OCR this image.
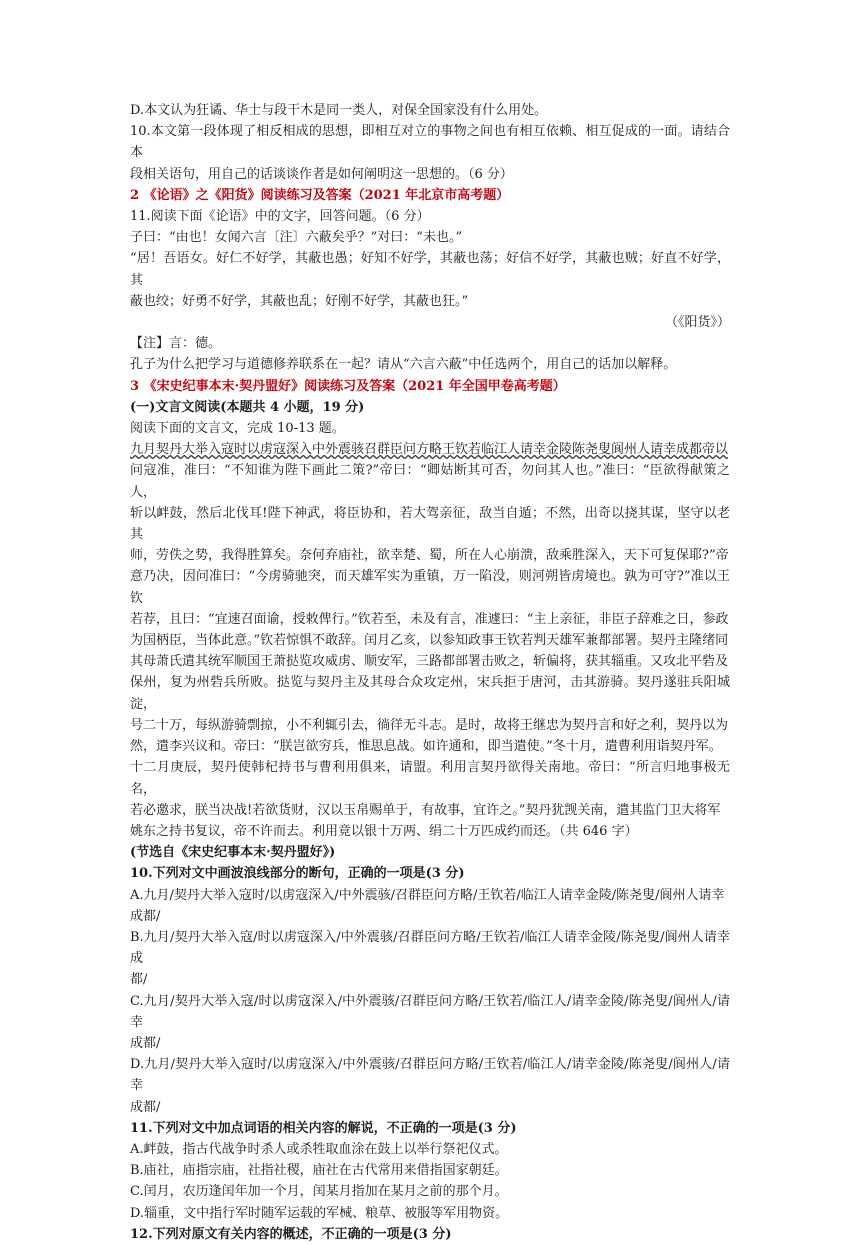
D.本文认为狂谲、华士与段干木是同一类人，对保全国家没有什么用处。
10.本文第一段体现了相反相成的思想，即相互对立的事物之间也有相互依赖、相互促成的一面。请结合本
段相关语句，用自己的话谈谈作者是如何阐明这一思想的。（6 分）
2 《论语》之《阳货》阅读练习及答案（2021 年北京市高考题）
11.阅读下面《论语》中的文字，回答问题。（6 分）
子曰：“由也！女闻六言〔注〕六蔽矣乎？”对曰：“未也。”
“居！吾语女。好仁不好学，其蔽也愚；好知不好学，其蔽也荡；好信不好学，其蔽也贼；好直不好学，其
蔽也绞；好勇不好学，其蔽也乱；好刚不好学，其蔽也狂。”
（《阳货》）
【注】言：德。
孔子为什么把学习与道德修养联系在一起？请从“六言六蔽”中任选两个，用自己的话加以解释。
3 《宋史纪事本末·契丹盟好》阅读练习及答案（2021 年全国甲卷高考题）
(一)文言文阅读(本题共 4 小题，19 分)
阅读下面的文言文，完成 10-13 题。
九月契丹大举入寇时以虏寇深入中外震骇召群臣问方略王钦若临江人请幸金陵陈尧叟阆州人请幸成都帝以
问寇准，准曰：“不知谁为陛下画此二策?”帝曰：“卿姑断其可否，勿问其人也。”准曰：“臣欲得献策之人，
斩以衅鼓，然后北伐耳!陛下神武，将臣协和，若大驾亲征，敌当自遁；不然，出奇以挠其谋，坚守以老其
师，劳佚之势，我得胜算矣。奈何弃庙社，欲幸楚、蜀，所在人心崩溃，敌乘胜深入，天下可复保耶?”帝
意乃决，因问准曰：“今虏骑驰突，而天雄军实为重镇，万一陷没，则河朔皆虏境也。孰为可守?”准以王钦
若荐，且曰：“宜速召面谕，授敕俾行。”钦若至，未及有言，准遽曰：“主上亲征，非臣子辞难之日，参政
为国柄臣，当体此意。”钦若惊惧不敢辞。闰月乙亥，以参知政事王钦若判天雄军兼都部署。契丹主隆绪同
其母萧氏遣其统军顺国王萧挞览攻威虏、顺安军，三路都部署击败之，斩偏将，获其辎重。又攻北平砦及
保州，复为州砦兵所败。挞览与契丹主及其母合众攻定州，宋兵拒于唐河，击其游骑。契丹遂驻兵阳城淀，
号二十万，每纵游骑剽掠，小不利辄引去，徜徉无斗志。是时，故将王继忠为契丹言和好之利，契丹以为
然，遣李兴议和。帝曰：“朕岂欲穷兵，惟思息战。如许通和，即当遣使。”冬十月，遣曹利用诣契丹军。
十二月庚辰，契丹使韩杞持书与曹利用俱来，请盟。利用言契丹欲得关南地。帝曰：“所言归地事极无名，
若必邀求，朕当决战!若欲货财，汉以玉帛赐单于，有故事，宜许之。”契丹犹觊关南，遣其监门卫大将军
姚东之持书复议，帝不许而去。利用竟以银十万两、绢二十万匹成约而还。（共 646 字）
(节选自《宋史纪事本末·契丹盟好》)
10.下列对文中画波浪线部分的断句，正确的一项是(3 分)
A.九月/契丹大举入寇时/以虏寇深入/中外震骇/召群臣问方略/王钦若/临江人请幸金陵/陈尧叟/阆州人请幸
成都/
B.九月/契丹大举入寇/时以虏寇深入/中外震骇/召群臣问方略/王钦若/临江人请幸金陵/陈尧叟/阆州人请幸成
都/
C.九月/契丹大举入寇/时以虏寇深入/中外震骇/召群臣问方略/王钦若/临江人/请幸金陵/陈尧叟/阆州人/请幸
成都/
D.九月/契丹大举入寇时/以虏寇深入/中外震骇/召群臣问方略/王钦若/临江人/请幸金陵/陈尧叟/阆州人/请幸
成都/
11.下列对文中加点词语的相关内容的解说，不正确的一项是(3 分)
A.衅鼓，指古代战争时杀人或杀牲取血涂在鼓上以举行祭祀仪式。
B.庙社，庙指宗庙，社指社稷，庙社在古代常用来借指国家朝廷。
C.闰月，农历逢闰年加一个月，闰某月指加在某月之前的那个月。
D.辎重，文中指行军时随军运载的军械、粮草、被服等军用物资。
12.下列对原文有关内容的概述，不正确的一项是(3 分)
